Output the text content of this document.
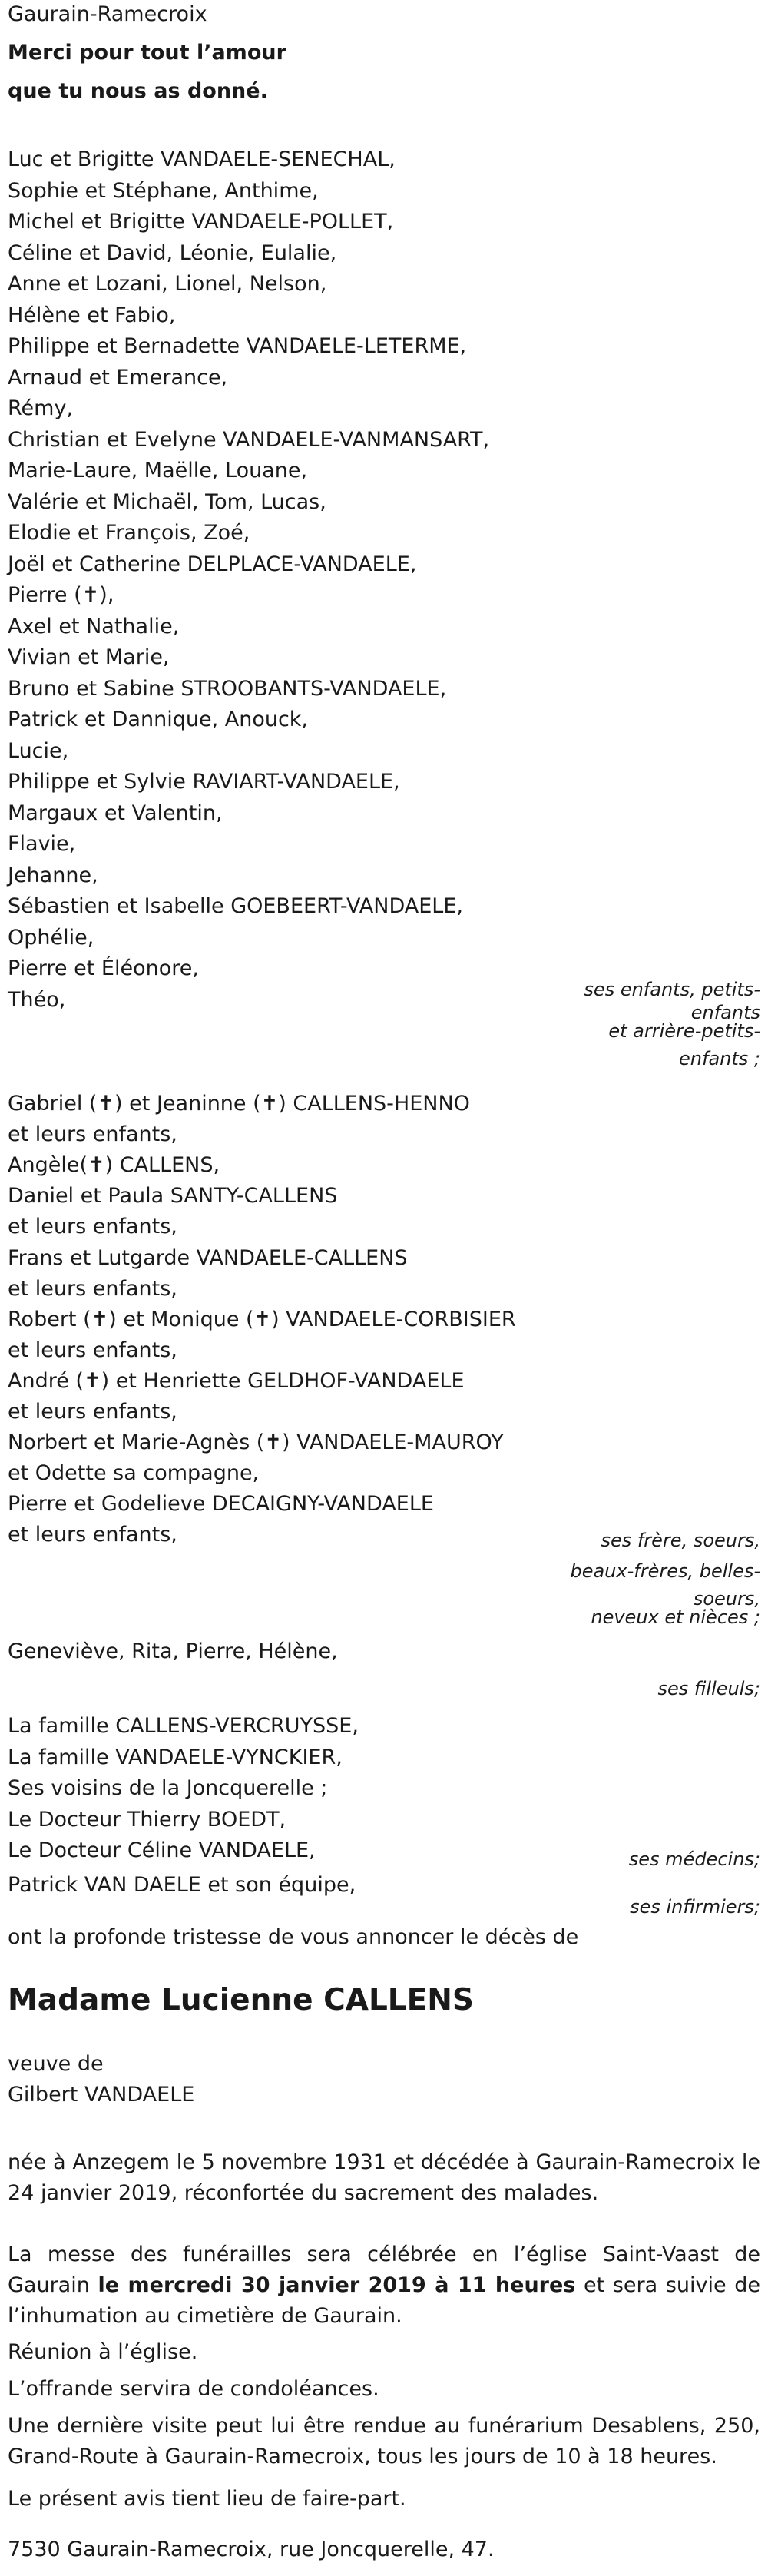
Gaurain-Ramecroix
Merci pour tout l’amour
que tu nous as donné.
Luc et Brigitte VANDAELE-SENECHAL,
Sophie et Stéphane, Anthime,
Michel et Brigitte VANDAELE-POLLET,
Céline et David, Léonie, Eulalie,
Anne et Lozani, Lionel, Nelson,
Hélène et Fabio,
Philippe et Bernadette VANDAELE-LETERME,
Arnaud et Emerance,
Rémy,
Christian et Evelyne VANDAELE-VANMANSART,
Marie-Laure, Maëlle, Louane,
Valérie et Michaël, Tom, Lucas,
Elodie et François, Zoé,
Joël et Catherine DELPLACE-VANDAELE,
Pierre (✝),
Axel et Nathalie,
Vivian et Marie,
Bruno et Sabine STROOBANTS-VANDAELE,
Patrick et Dannique, Anouck,
Lucie,
Philippe et Sylvie RAVIART-VANDAELE,
Margaux et Valentin,
Flavie,
Jehanne,
Sébastien et Isabelle GOEBEERT-VANDAELE,
Ophélie,
Pierre et Éléonore,
Théo,	ses enfants, petits-
enfants
et arrière-petits-
enfants ;
Gabriel (✝) et Jeaninne (✝) CALLENS-HENNO
et leurs enfants,
Angèle(✝) CALLENS,
Daniel et Paula SANTY-CALLENS
et leurs enfants,
Frans et Lutgarde VANDAELE-CALLENS
et leurs enfants,
Robert (✝) et Monique (✝) VANDAELE-CORBISIER
et leurs enfants,
André (✝) et Henriette GELDHOF-VANDAELE
et leurs enfants,
Norbert et Marie-Agnès (✝) VANDAELE-MAUROY
et Odette sa compagne,
Pierre et Godelieve DECAIGNY-VANDAELE
et leurs enfants,	ses frère, soeurs,
beaux-frères, belles-
soeurs,
neveux et nièces ;
Geneviève, Rita, Pierre, Hélène,
ses filleuls;
La famille CALLENS-VERCRUYSSE,
La famille VANDAELE-VYNCKIER,
Ses voisins de la Joncquerelle ;
Le Docteur Thierry BOEDT,
Le Docteur Céline VANDAELE,	ses médecins;
Patrick VAN DAELE et son équipe,
ses infirmiers;
ont la profonde tristesse de vous annoncer le décès de
Madame Lucienne CALLENS
veuve de
Gilbert VANDAELE
née à Anzegem le 5 novembre 1931 et décédée à Gaurain-Ramecroix le 24 janvier 2019, réconfortée du sacrement des malades.
La messe des funérailles sera célébrée en l’église Saint-Vaast de Gaurain le mercredi 30 janvier 2019 à 11 heures et sera suivie de l’inhumation au cimetière de Gaurain.
Réunion à l’église.
L’offrande servira de condoléances.
Une dernière visite peut lui être rendue au funérarium Desablens, 250, Grand-Route à Gaurain-Ramecroix, tous les jours de 10 à 18 heures.
Le présent avis tient lieu de faire-part.
7530 Gaurain-Ramecroix, rue Joncquerelle, 47.
